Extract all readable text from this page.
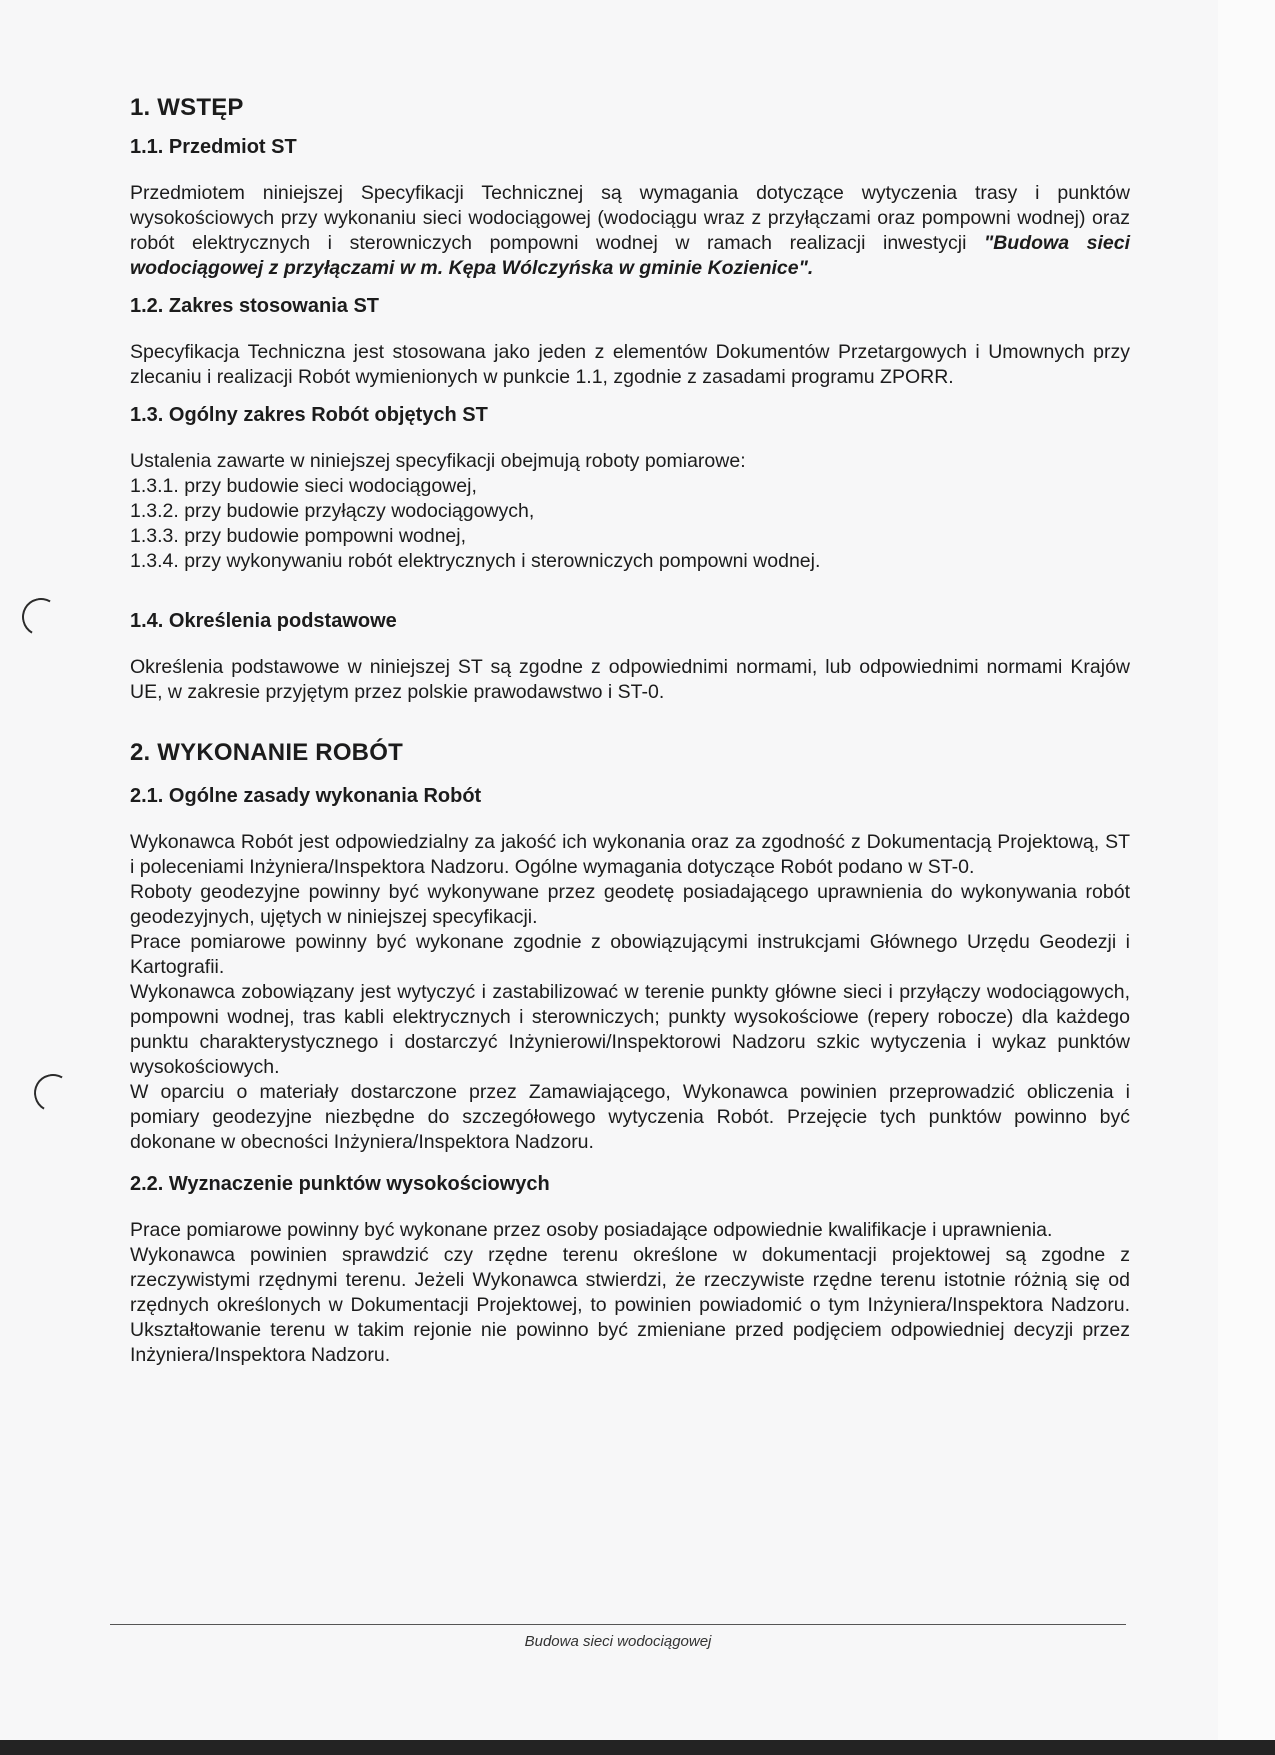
1. WSTĘP
1.1. Przedmiot ST

Przedmiotem niniejszej Specyfikacji Technicznej są wymagania dotyczące wytyczenia trasy i punktów wysokościowych przy wykonaniu sieci wodociągowej (wodociągu wraz z przyłączami oraz pompowni wodnej) oraz robót elektrycznych i sterowniczych pompowni wodnej w ramach realizacji inwestycji "Budowa sieci wodociągowej z przyłączami w m. Kępa Wólczyńska w gminie Kozienice".

1.2. Zakres stosowania ST

Specyfikacja Techniczna jest stosowana jako jeden z elementów Dokumentów Przetargowych i Umownych przy zlecaniu i realizacji Robót wymienionych w punkcie 1.1, zgodnie z zasadami programu ZPORR.

1.3. Ogólny zakres Robót objętych ST
Ustalenia zawarte w niniejszej specyfikacji obejmują roboty pomiarowe:
1.3.1. przy budowie sieci wodociągowej,
1.3.2. przy budowie przyłączy wodociągowych,
1.3.3. przy budowie pompowni wodnej,
1.3.4. przy wykonywaniu robót elektrycznych i sterowniczych pompowni wodnej.
1.4. Określenia podstawowe

Określenia podstawowe w niniejszej ST są zgodne z odpowiednimi normami, lub odpowiednimi normami Krajów UE, w zakresie przyjętym przez polskie prawodawstwo i ST-0.

2. WYKONANIE ROBÓT
2.1. Ogólne zasady wykonania Robót

Wykonawca Robót jest odpowiedzialny za jakość ich wykonania oraz za zgodność z Dokumentacją Projektową, ST i poleceniami Inżyniera/Inspektora Nadzoru. Ogólne wymagania dotyczące Robót podano w ST-0.

Roboty geodezyjne powinny być wykonywane przez geodetę posiadającego uprawnienia do wykonywania robót geodezyjnych, ujętych w niniejszej specyfikacji.

Prace pomiarowe powinny być wykonane zgodnie z obowiązującymi instrukcjami Głównego Urzędu Geodezji i Kartografii.

Wykonawca zobowiązany jest wytyczyć i zastabilizować w terenie punkty główne sieci i przyłączy wodociągowych, pompowni wodnej, tras kabli elektrycznych i sterowniczych; punkty wysokościowe (repery robocze) dla każdego punktu charakterystycznego i dostarczyć Inżynierowi/Inspektorowi Nadzoru szkic wytyczenia i wykaz punktów wysokościowych.

W oparciu o materiały dostarczone przez Zamawiającego, Wykonawca powinien przeprowadzić obliczenia i pomiary geodezyjne niezbędne do szczegółowego wytyczenia Robót. Przejęcie tych punktów powinno być dokonane w obecności Inżyniera/Inspektora Nadzoru.

2.2. Wyznaczenie punktów wysokościowych

Prace pomiarowe powinny być wykonane przez osoby posiadające odpowiednie kwalifikacje i uprawnienia.

Wykonawca powinien sprawdzić czy rzędne terenu określone w dokumentacji projektowej są zgodne z rzeczywistymi rzędnymi terenu. Jeżeli Wykonawca stwierdzi, że rzeczywiste rzędne terenu istotnie różnią się od rzędnych określonych w Dokumentacji Projektowej, to powinien powiadomić o tym Inżyniera/Inspektora Nadzoru. Ukształtowanie terenu w takim rejonie nie powinno być zmieniane przed podjęciem odpowiedniej decyzji przez Inżyniera/Inspektora Nadzoru.

Budowa sieci wodociągowej
